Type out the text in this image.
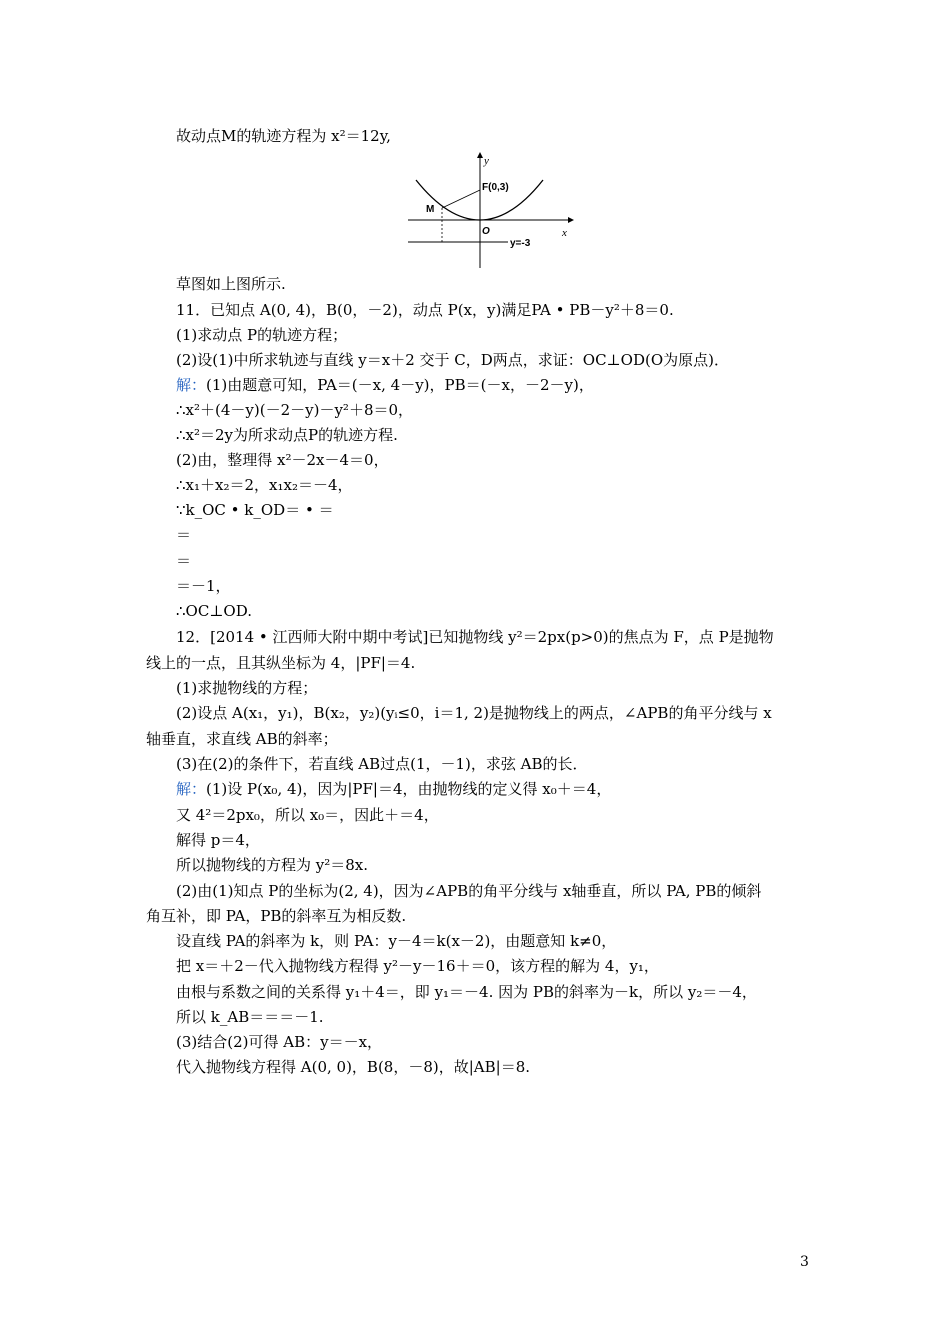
故动点M的轨迹方程为 x²＝12y,
y
x
F(0,3)
M
O
y=-3
草图如上图所示.
11．已知点 A(0, 4)，B(0，－2)，动点 P(x，y)满足PA • PB－y²＋8＝0.
(1)求动点 P的轨迹方程；
(2)设(1)中所求轨迹与直线 y＝x＋2 交于 C，D两点，求证：OC⊥OD(O为原点)．
解：(1)由题意可知，PA＝(－x, 4－y)，PB＝(－x，－2－y)，
∴x²＋(4－y)(－2－y)－y²＋8＝0，
∴x²＝2y为所求动点P的轨迹方程.
(2)由，整理得 x²－2x－4＝0，
∴x₁＋x₂＝2，x₁x₂＝－4，
∵k_OC • k_OD＝ • ＝
＝
＝
＝－1，
∴OC⊥OD.
12．[2014 • 江西师大附中期中考试]已知抛物线 y²＝2px(p>0)的焦点为 F，点 P是抛物
线上的一点，且其纵坐标为 4，|PF|＝4.
(1)求抛物线的方程；
(2)设点 A(x₁，y₁)，B(x₂，y₂)(yᵢ≤0，i＝1, 2)是抛物线上的两点，∠APB的角平分线与 x
轴垂直，求直线 AB的斜率；
(3)在(2)的条件下，若直线 AB过点(1，－1)，求弦 AB的长．
解：(1)设 P(x₀, 4)，因为|PF|＝4，由抛物线的定义得 x₀＋＝4，
又 4²＝2px₀，所以 x₀＝，因此＋＝4，
解得 p＝4，
所以抛物线的方程为 y²＝8x.
(2)由(1)知点 P的坐标为(2, 4)，因为∠APB的角平分线与 x轴垂直，所以 PA, PB的倾斜
角互补，即 PA，PB的斜率互为相反数.
设直线 PA的斜率为 k，则 PA：y－4＝k(x－2)，由题意知 k≠0，
把 x＝＋2－代入抛物线方程得 y²－y－16＋＝0，该方程的解为 4，y₁，
由根与系数之间的关系得 y₁＋4＝，即 y₁＝－4. 因为 PB的斜率为－k，所以 y₂＝－4，
所以 k_AB＝＝＝－1.
(3)结合(2)可得 AB：y＝－x，
代入抛物线方程得 A(0, 0)，B(8，－8)，故|AB|＝8.
3
